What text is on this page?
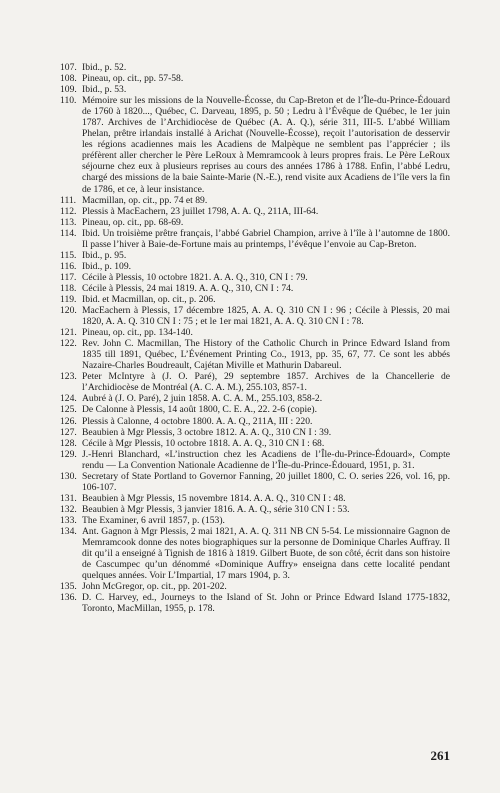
107. Ibid., p. 52.
108. Pineau, op. cit., pp. 57-58.
109. Ibid., p. 53.
110. Mémoire sur les missions de la Nouvelle-Écosse, du Cap-Breton et de l’Île-du-Prince-Édouard de 1760 à 1820..., Québec, C. Darveau, 1895, p. 50 ; Ledru à l’Évêque de Québec, le 1er juin 1787. Archives de l’Archidiocèse de Québec (A. A. Q.), série 311, III-5. L’abbé William Phelan, prêtre irlandais installé à Arichat (Nouvelle-Écosse), reçoit l’autorisation de desservir les régions acadiennes mais les Acadiens de Malpèque ne semblent pas l’apprécier ; ils préfèrent aller chercher le Père LeRoux à Memramcook à leurs propres frais. Le Père LeRoux séjourne chez eux à plusieurs reprises au cours des années 1786 à 1788. Enfin, l’abbé Ledru, chargé des missions de la baie Sainte-Marie (N.-E.), rend visite aux Acadiens de l’île vers la fin de 1786, et ce, à leur insistance.
111. Macmillan, op. cit., pp. 74 et 89.
112. Plessis à MacEachern, 23 juillet 1798, A. A. Q., 211A, III-64.
113. Pineau, op. cit., pp. 68-69.
114. Ibid. Un troisième prêtre français, l’abbé Gabriel Champion, arrive à l’île à l’automne de 1800. Il passe l’hiver à Baie-de-Fortune mais au printemps, l’évêque l’envoie au Cap-Breton.
115. Ibid., p. 95.
116. Ibid., p. 109.
117. Cécile à Plessis, 10 octobre 1821. A. A. Q., 310, CN I : 79.
118. Cécile à Plessis, 24 mai 1819. A. A. Q., 310, CN I : 74.
119. Ibid. et Macmillan, op. cit., p. 206.
120. MacEachern à Plessis, 17 décembre 1825, A. A. Q. 310 CN I : 96 ; Cécile à Plessis, 20 mai 1820, A. A. Q. 310 CN I : 75 ; et le 1er mai 1821, A. A. Q. 310 CN I : 78.
121. Pineau, op. cit., pp. 134-140.
122. Rev. John C. Macmillan, The History of the Catholic Church in Prince Edward Island from 1835 till 1891, Québec, L’Événement Printing Co., 1913, pp. 35, 67, 77. Ce sont les abbés Nazaire-Charles Boudreault, Cajétan Miville et Mathurin Dabareul.
123. Peter McIntyre à (J. O. Paré), 29 septembre 1857. Archives de la Chancellerie de l’Archidiocèse de Montréal (A. C. A. M.), 255.103, 857-1.
124. Aubré à (J. O. Paré), 2 juin 1858. A. C. A. M., 255.103, 858-2.
125. De Calonne à Plessis, 14 août 1800, C. E. A., 22. 2-6 (copie).
126. Plessis à Calonne, 4 octobre 1800. A. A. Q., 211A, III : 220.
127. Beaubien à Mgr Plessis, 3 octobre 1812. A. A. Q., 310 CN I : 39.
128. Cécile à Mgr Plessis, 10 octobre 1818. A. A. Q., 310 CN I : 68.
129. J.-Henri Blanchard, «L’instruction chez les Acadiens de l’Île-du-Prince-Édouard», Compte rendu — La Convention Nationale Acadienne de l’Île-du-Prince-Édouard, 1951, p. 31.
130. Secretary of State Portland to Governor Fanning, 20 juillet 1800, C. O. series 226, vol. 16, pp. 106-107.
131. Beaubien à Mgr Plessis, 15 novembre 1814. A. A. Q., 310 CN I : 48.
132. Beaubien à Mgr Plessis, 3 janvier 1816. A. A. Q., série 310 CN I : 53.
133. The Examiner, 6 avril 1857, p. (153).
134. Ant. Gagnon à Mgr Plessis, 2 mai 1821, A. A. Q. 311 NB CN 5-54. Le missionnaire Gagnon de Memramcook donne des notes biographiques sur la personne de Dominique Charles Auffray. Il dit qu’il a enseigné à Tignish de 1816 à 1819. Gilbert Buote, de son côté, écrit dans son histoire de Cascumpec qu’un dénommé «Dominique Auffry» enseigna dans cette localité pendant quelques années. Voir L’Impartial, 17 mars 1904, p. 3.
135. John McGregor, op. cit., pp. 201-202.
136. D. C. Harvey, ed., Journeys to the Island of St. John or Prince Edward Island 1775-1832, Toronto, MacMillan, 1955, p. 178.
261
